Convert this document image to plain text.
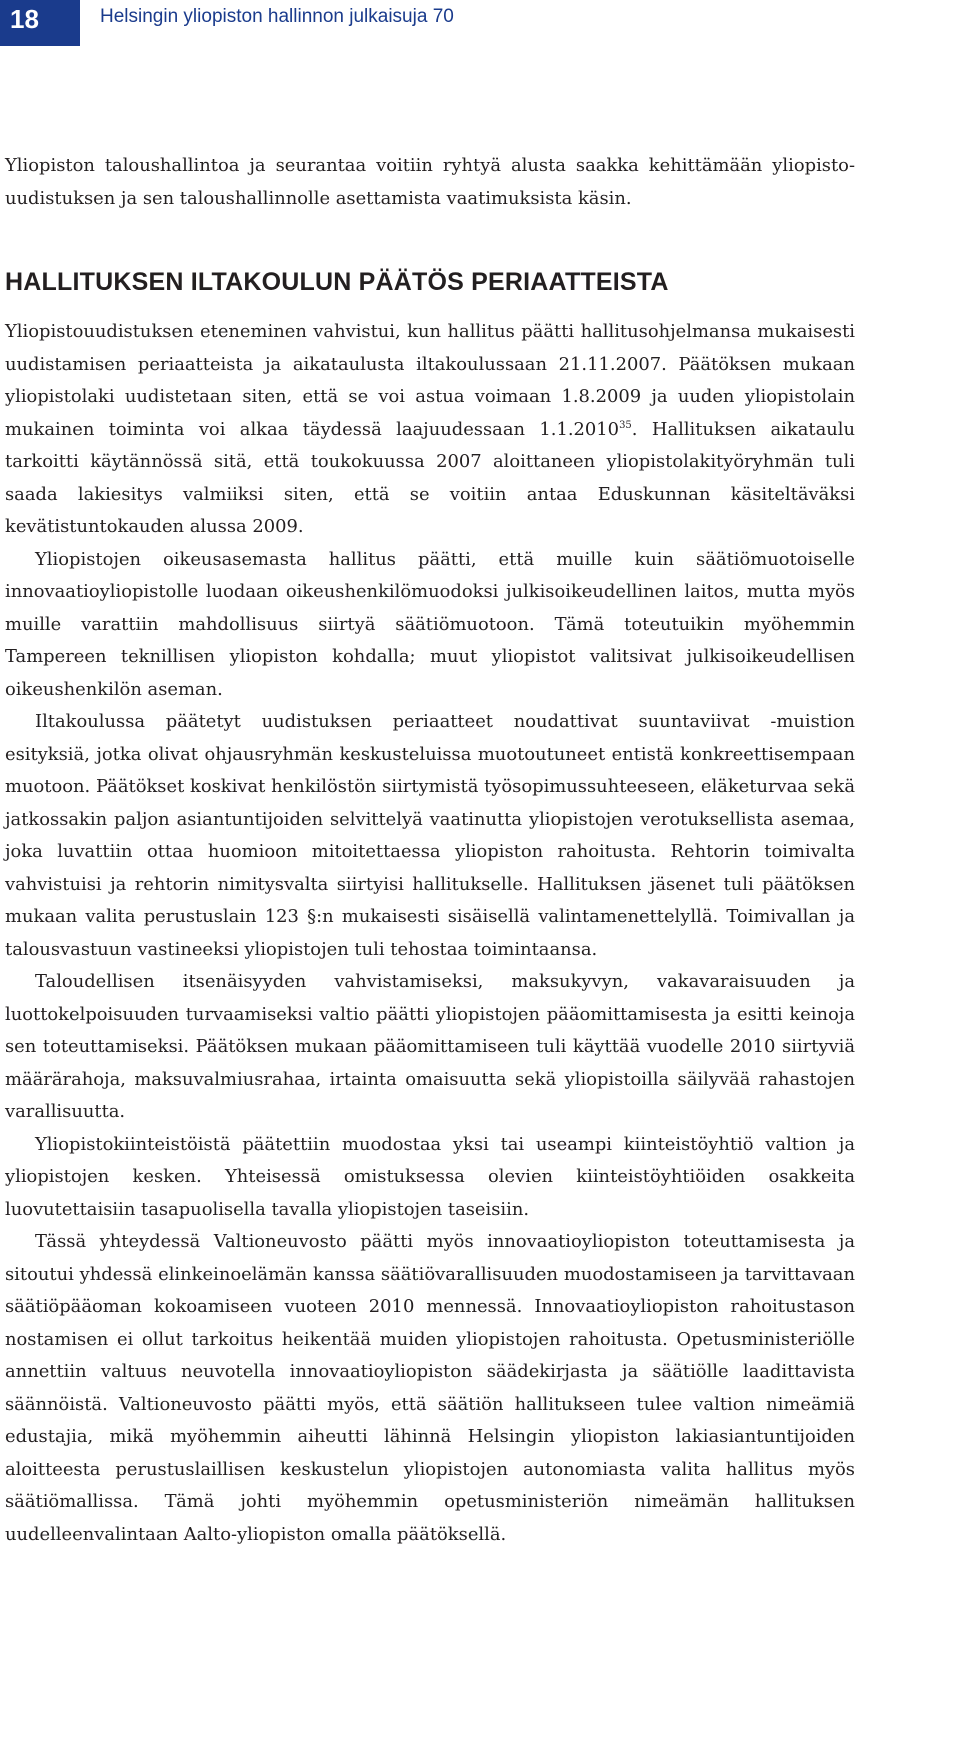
18	Helsingin yliopiston hallinnon julkaisuja 70

Yliopiston taloushallintoa ja seurantaa voitiin ryhtyä alusta saakka kehittämään yliopisto-uudistuksen ja sen taloushallinnolle asettamista vaatimuksista käsin.

HALLITUKSEN ILTAKOULUN PÄÄTÖS PERIAATTEISTA

Yliopistouudistuksen eteneminen vahvistui, kun hallitus päätti hallitusohjelmansa mukaisesti uudistamisen periaatteista ja aikataulusta iltakoulussaan 21.11.2007. Päätöksen mukaan yliopistolaki uudistetaan siten, että se voi astua voimaan 1.8.2009 ja uuden yliopistolain mukainen toiminta voi alkaa täydessä laajuudessaan 1.1.2010$^{35}$. Hallituksen aikataulu tarkoitti käytännössä sitä, että toukokuussa 2007 aloittaneen yliopistolakityöryhmän tuli saada lakiesitys valmiiksi siten, että se voitiin antaa Eduskunnan käsiteltäväksi kevätistuntokauden alussa 2009.

Yliopistojen oikeusasemasta hallitus päätti, että muille kuin säätiömuotoiselle innovaatioyliopistolle luodaan oikeushenkilömuodoksi julkisoikeudellinen laitos, mutta myös muille varattiin mahdollisuus siirtyä säätiömuotoon. Tämä toteutuikin myöhemmin Tampereen teknillisen yliopiston kohdalla; muut yliopistot valitsivat julkisoikeudellisen oikeushenkilön aseman.

Iltakoulussa päätetyt uudistuksen periaatteet noudattivat suuntaviivat -muistion esityksiä, jotka olivat ohjausryhmän keskusteluissa muotoutuneet entistä konkreettisempaan muotoon. Päätökset koskivat henkilöstön siirtymistä työsopimussuhteeseen, eläketurvaa sekä jatkossakin paljon asiantuntijoiden selvittelyä vaatinutta yliopistojen verotuksellista asemaa, joka luvattiin ottaa huomioon mitoitettaessa yliopiston rahoitusta. Rehtorin toimivalta vahvistuisi ja rehtorin nimitysvalta siirtyisi hallitukselle. Hallituksen jäsenet tuli päätöksen mukaan valita perustuslain 123 §:n mukaisesti sisäisellä valintamenettelyllä. Toimivallan ja talousvastuun vastineeksi yliopistojen tuli tehostaa toimintaansa.

Taloudellisen itsenäisyyden vahvistamiseksi, maksukyvyn, vakavaraisuuden ja luottokelpoisuuden turvaamiseksi valtio päätti yliopistojen pääomittamisesta ja esitti keinoja sen toteuttamiseksi. Päätöksen mukaan pääomittamiseen tuli käyttää vuodelle 2010 siirtyviä määrärahoja, maksuvalmiusrahaa, irtainta omaisuutta sekä yliopistoilla säilyvää rahastojen varallisuutta.

Yliopistokiinteistöistä päätettiin muodostaa yksi tai useampi kiinteistöyhtiö valtion ja yliopistojen kesken. Yhteisessä omistuksessa olevien kiinteistöyhtiöiden osakkeita luovutettaisiin tasapuolisella tavalla yliopistojen taseisiin.

Tässä yhteydessä Valtioneuvosto päätti myös innovaatioyliopiston toteuttamisesta ja sitoutui yhdessä elinkeinoelämän kanssa säätiövarallisuuden muodostamiseen ja tarvittavaan säätiöpääoman kokoamiseen vuoteen 2010 mennessä. Innovaatioyliopiston rahoitustason nostamisen ei ollut tarkoitus heikentää muiden yliopistojen rahoitusta. Opetusministeriölle annettiin valtuus neuvotella innovaatioyliopiston säädekirjasta ja säätiölle laadittavista säännöistä. Valtioneuvosto päätti myös, että säätiön hallitukseen tulee valtion nimeämiä edustajia, mikä myöhemmin aiheutti lähinnä Helsingin yliopiston lakiasiantuntijoiden aloitteesta perustuslaillisen keskustelun yliopistojen autonomiasta valita hallitus myös säätiömallissa. Tämä johti myöhemmin opetusministeriön nimeämän hallituksen uudelleenvalintaan Aalto-yliopiston omalla päätöksellä.
